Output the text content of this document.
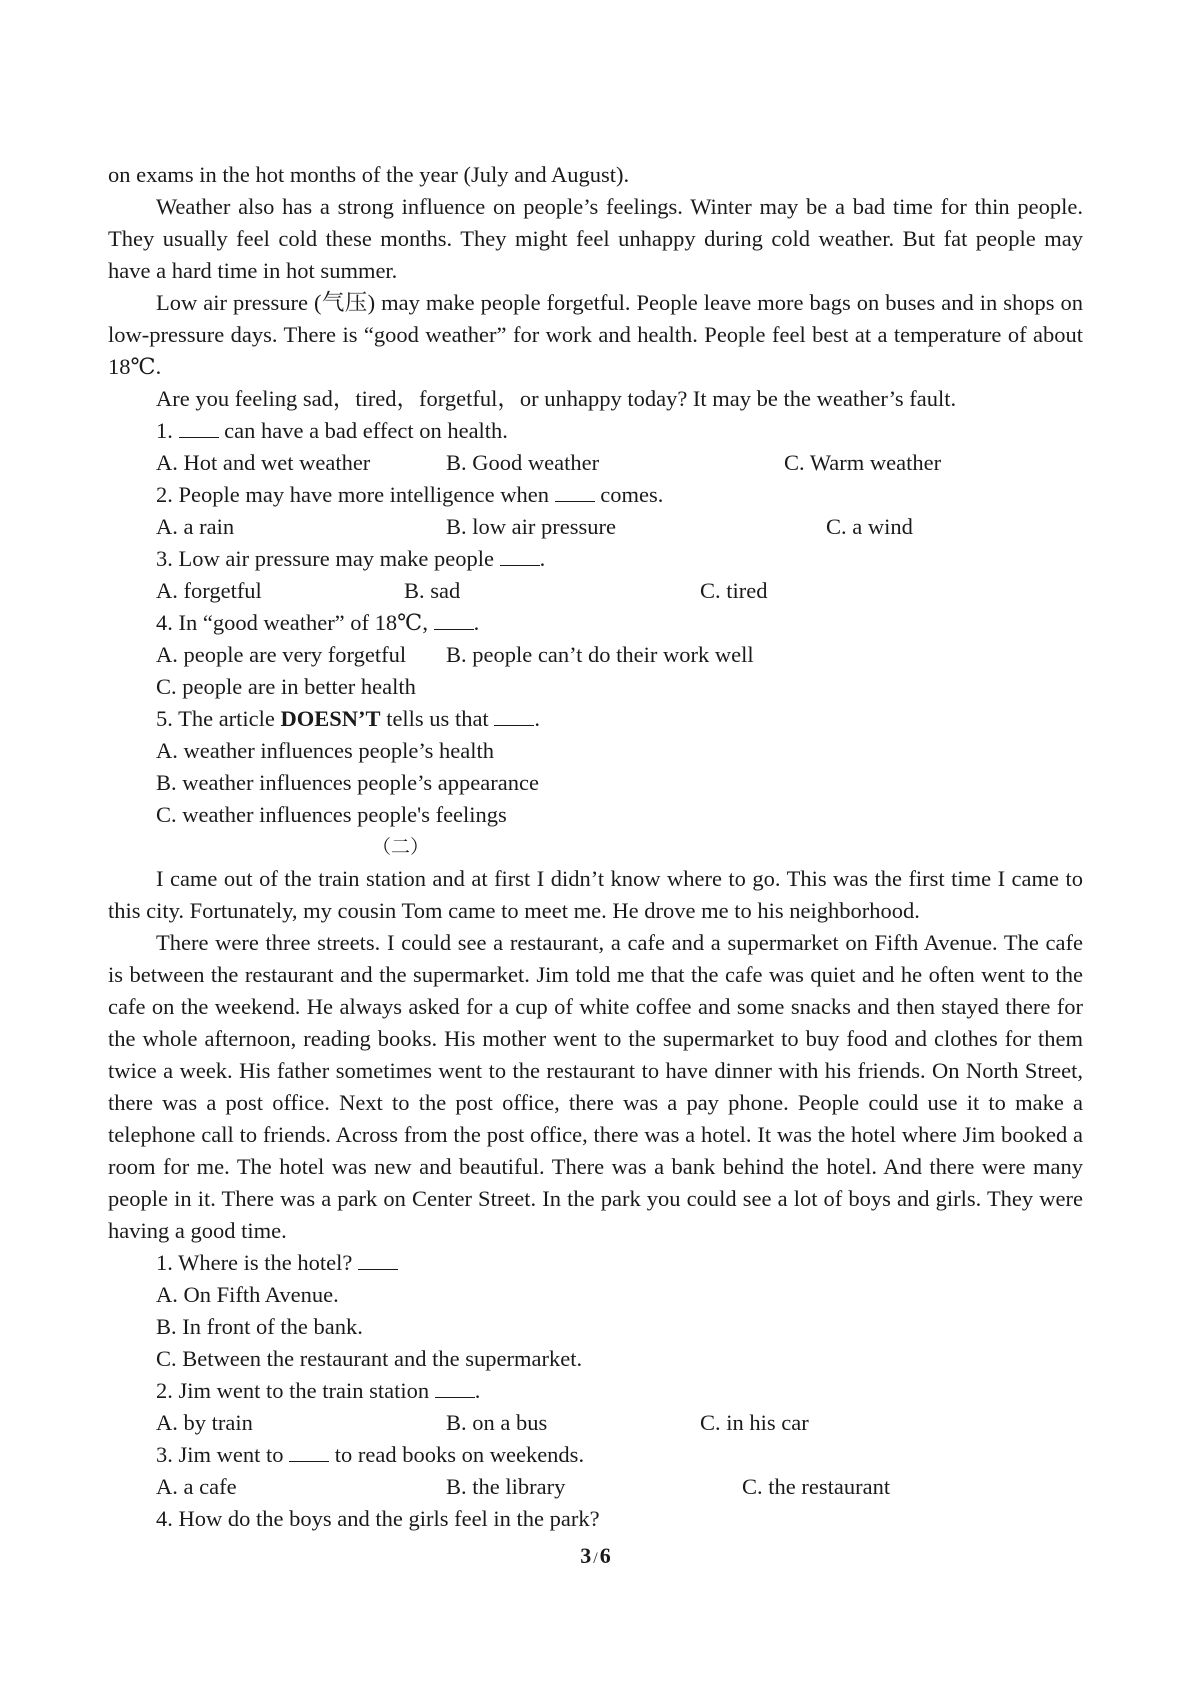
on exams in the hot months of the year (July and August).

Weather also has a strong influence on people’s feelings. Winter may be a bad time for thin people. They usually feel cold these months. They might feel unhappy during cold weather. But fat people may have a hard time in hot summer.

Low air pressure (气压) may make people forgetful. People leave more bags on buses and in shops on low-pressure days. There is “good weather” for work and health. People feel best at a temperature of about 18℃.

Are you feeling sad，tired，forgetful，or unhappy today? It may be the weather’s fault.

1.  can have a bad effect on health.
A. Hot and wet weather	B. Good weather	C. Warm weather
2. People may have more intelligence when  comes.
A. a rain	B. low air pressure	C. a wind
3. Low air pressure may make people .
A. forgetful	B. sad	C. tired
4. In “good weather” of 18℃, .
A. people are very forgetful B. people can’t do their work well
C. people are in better health
5. The article DOESN’T tells us that .
A. weather influences people’s health
B. weather influences people’s appearance
C. weather influences people's feelings
（二）

I came out of the train station and at first I didn’t know where to go. This was the first time I came to this city. Fortunately, my cousin Tom came to meet me. He drove me to his neighborhood.

There were three streets. I could see a restaurant, a cafe and a supermarket on Fifth Avenue. The cafe is between the restaurant and the supermarket. Jim told me that the cafe was quiet and he often went to the cafe on the weekend. He always asked for a cup of white coffee and some snacks and then stayed there for the whole afternoon, reading books. His mother went to the supermarket to buy food and clothes for them twice a week. His father sometimes went to the restaurant to have dinner with his friends. On North Street, there was a post office. Next to the post office, there was a pay phone. People could use it to make a telephone call to friends. Across from the post office, there was a hotel. It was the hotel where Jim booked a room for me. The hotel was new and beautiful. There was a bank behind the hotel. And there were many people in it. There was a park on Center Street. In the park you could see a lot of boys and girls. They were having a good time.

1. Where is the hotel?
A. On Fifth Avenue.
B. In front of the bank.
C. Between the restaurant and the supermarket.
2. Jim went to the train station .
A. by train	B. on a bus	C. in his car
3. Jim went to  to read books on weekends.
A. a cafe	B. the library	C. the restaurant
4. How do the boys and the girls feel in the park?
3 /6
